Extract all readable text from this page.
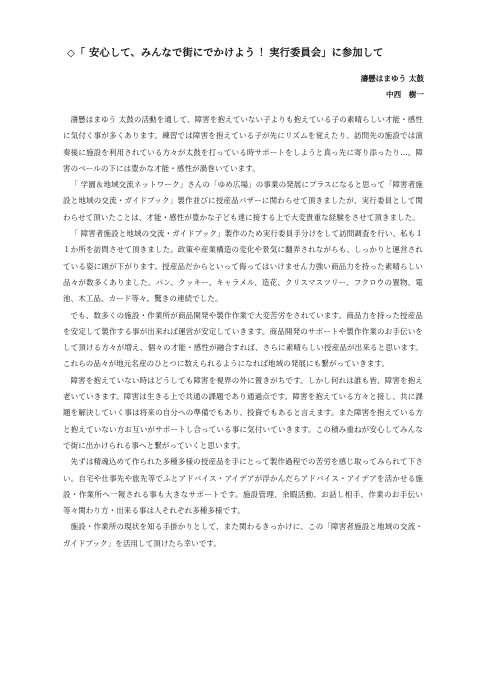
◇「 安心して、みんなで街にでかけよう ！実行委員会」に参加して
濤懸はまゆう 太鼓
中西　樹一

濤懸はまゆう 太鼓の活動を通して、障害を抱えていない子よりも抱えている子の素晴らしい才能・感性に気付く事が多くあります。練習では障害を抱えている子が先にリズムを覚えたり、訪問先の施設では演奏後に施設を利用されている方々が太鼓を打っている時サポートをしようと真っ先に寄り添ったり…。障害のベールの下には豊かな才能・感性が渦巻いています。

「 学園＆地域交流ネットワーク」さんの「ゆめ広場」の事業の発展にプラスになると思って「障害者施設と地域の交流・ガイドブック」製作並びに授産品バザーに関わらせて頂きましたが、実行委員として関わらせて頂いたことは、才能・感性が豊かな子ども達に接する上で大変貴重な経験をさせて頂きました。

「 障害者施設と地域の交流・ガイドブック」製作のため実行委員手分けをして訪問調査を行い、私も１１か所を訪問させて頂きました。政策や産業構造の変化や景気に翻弄されながらも、しっかりと運営されている姿に頭が下がります。授産品だからといって侮ってはいけません力強い商品力を持った素晴らしい品々が数多くありました。パン、クッキー、キャラメル、造花、クリスマスツリー、フクロウの置物、電池、木工品、カード等々。驚きの連続でした。

でも、数多くの施設・作業所が商品開発や製作作業で大変苦労をされています。商品力を持った授産品を安定して製作する事が出来れば運営が安定していきます。商品開発のサポートや製作作業のお手伝いをして頂ける方々が増え、個々の才能・感性が融合すれば、さらに素晴らしい授産品が出来ると思います。これらの品々が地元名産のひとつに数えられるようになれば地域の発展にも繋がっていきます。

障害を抱えていない時はどうしても障害を視界の外に置きがちです。しかし何れは誰も皆、障害を抱え老いていきます。障害は生きる上で共通の課題であり通過点です。障害を抱えている方々と接し、共に課題を解決していく事は将来の自分への準備でもあり、投資でもあると言えます。また障害を抱えている方と抱えていない方お互いがサポートし合っている事に気付いていきます。この積み重ねが安心してみんなで街に出かけられる事へと繋がっていくと思います。

先ずは精魂込めて作られた多種多様の授産品を手にとって製作過程での苦労を感じ取ってみられて下さい。自宅や仕事先や旅先等でふとアドバイス・アイデアが浮かんだらアドバイス・アイデアを活かせる施設・作業所へ一報される事も大きなサポートです。施設管理、余暇活動、お話し相手、作業のお手伝い等々関わり方・出来る事は人それぞれ多種多様です。

施設・作業所の現状を知る手掛かりとして、また関わるきっかけに、この「障害者施設と地域の交流・ガイドブック」を活用して頂けたら幸いです。
